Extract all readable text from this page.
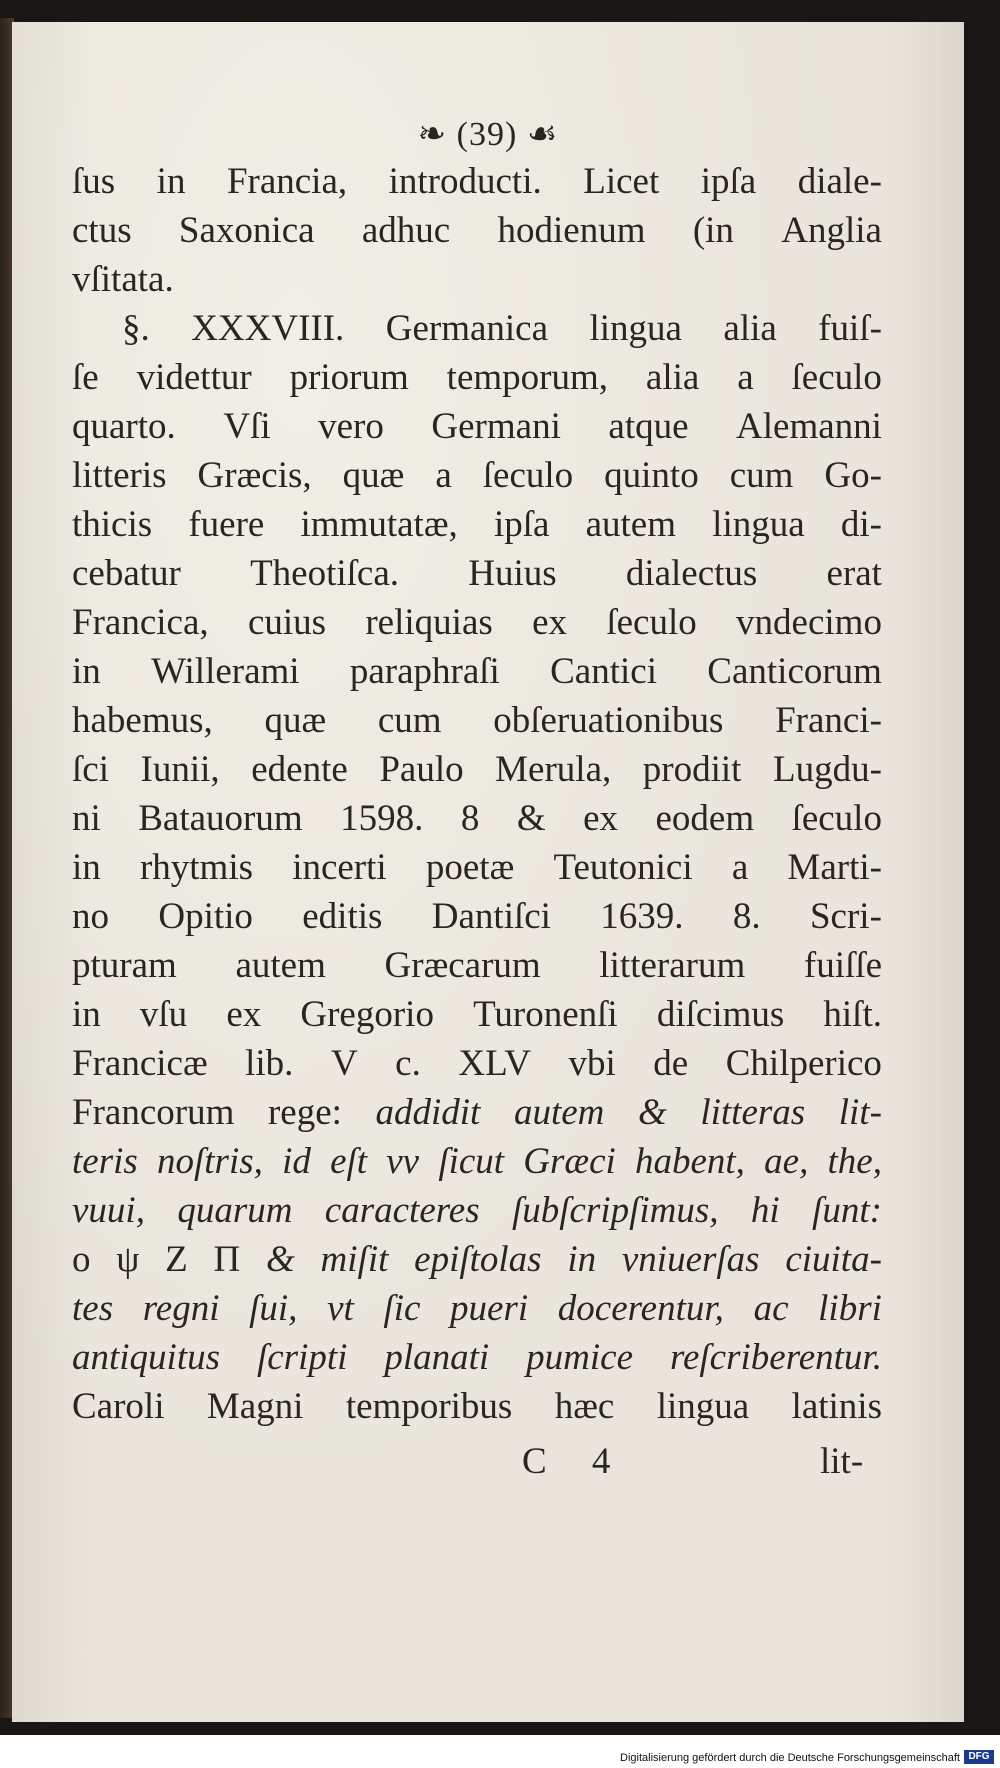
❧ (39) ☙
ſus in Francia, introducti. Licet ipſa diale-
ctus Saxonica adhuc hodienum (in Anglia
vſitata.
§. XXXVIII. Germanica lingua alia fuiſ-
ſe videttur priorum temporum, alia a ſeculo
quarto. Vſi vero Germani atque Alemanni
litteris Græcis, quæ a ſeculo quinto cum Go-
thicis fuere immutatæ, ipſa autem lingua di-
cebatur Theotiſca. Huius dialectus erat
Francica, cuius reliquias ex ſeculo vndecimo
in Willerami paraphraſi Cantici Canticorum
habemus, quæ cum obſeruationibus Franci-
ſci Iunii, edente Paulo Merula, prodiit Lugdu-
ni Batauorum 1598. 8 & ex eodem ſeculo
in rhytmis incerti poetæ Teutonici a Marti-
no Opitio editis Dantiſci 1639. 8. Scri-
pturam autem Græcarum litterarum fuiſſe
in vſu ex Gregorio Turonenſi diſcimus hiſt.
Francicæ lib. V c. XLV vbi de Chilperico
Francorum rege: addidit autem & litteras lit-
teris noſtris, id eſt vv ſicut Græci habent, ae, the,
vuui, quarum caracteres ſubſcripſimus, hi ſunt:
ο ψ Ζ Π & miſit epiſtolas in vniuerſas ciuita-
tes regni ſui, vt ſic pueri docerentur, ac libri
antiquitus ſcripti planati pumice reſcriberentur.
Caroli Magni temporibus hæc lingua latinis
C 4	lit-
Digitalisierung gefördert durch die Deutsche Forschungsgemeinschaft DFG
